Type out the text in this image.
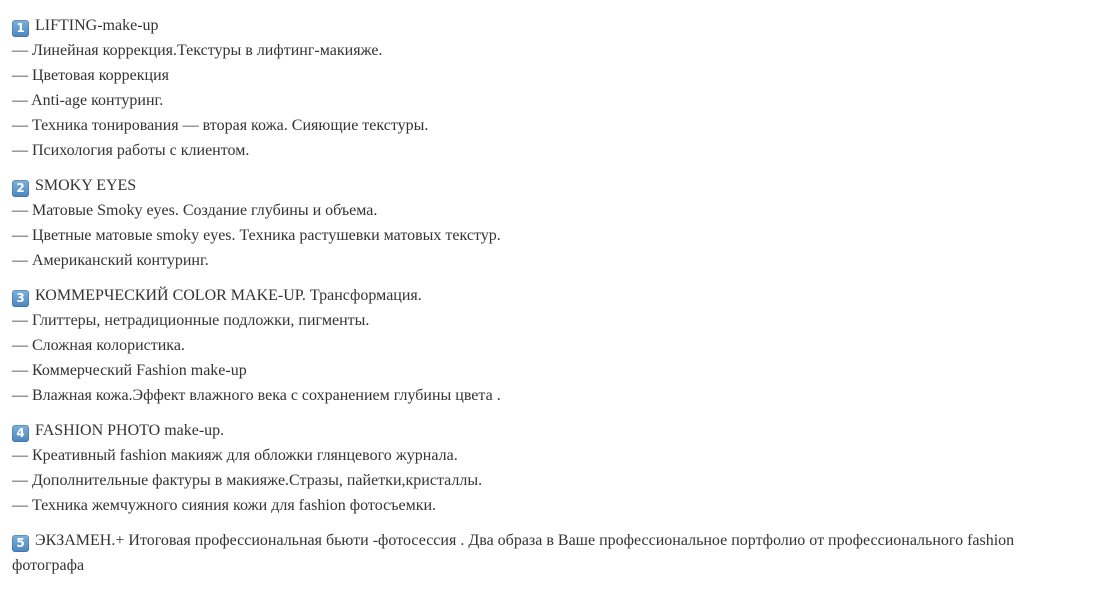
1 LIFTING-make-up
— Линейная коррекция.Текстуры в лифтинг-макияже.
— Цветовая коррекция
— Anti-age контуринг.
— Техника тонирования — вторая кожа. Сияющие текстуры.
— Психология работы с клиентом.
2 SMOKY EYES
— Матовые Smoky eyes. Создание глубины и объема.
— Цветные матовые smoky eyes. Техника растушевки матовых текстур.
— Американский контуринг.
3 КОММЕРЧЕСКИЙ COLOR MAKE-UP. Трансформация.
— Глиттеры, нетрадиционные подложки, пигменты.
— Сложная колористика.
— Коммерческий Fashion make-up
— Влажная кожа.Эффект влажного века с сохранением глубины цвета .
4 FASHION PHOTO make-up.
— Креативный fashion макияж для обложки глянцевого журнала.
— Дополнительные фактуры в макияже.Стразы, пайетки,кристаллы.
— Техника жемчужного сияния кожи для fashion фотосъемки.
5 ЭКЗАМЕН.+ Итоговая профессиональная бьюти -фотосессия . Два образа в Ваше профессиональное портфолио от профессионального fashion фотографа
